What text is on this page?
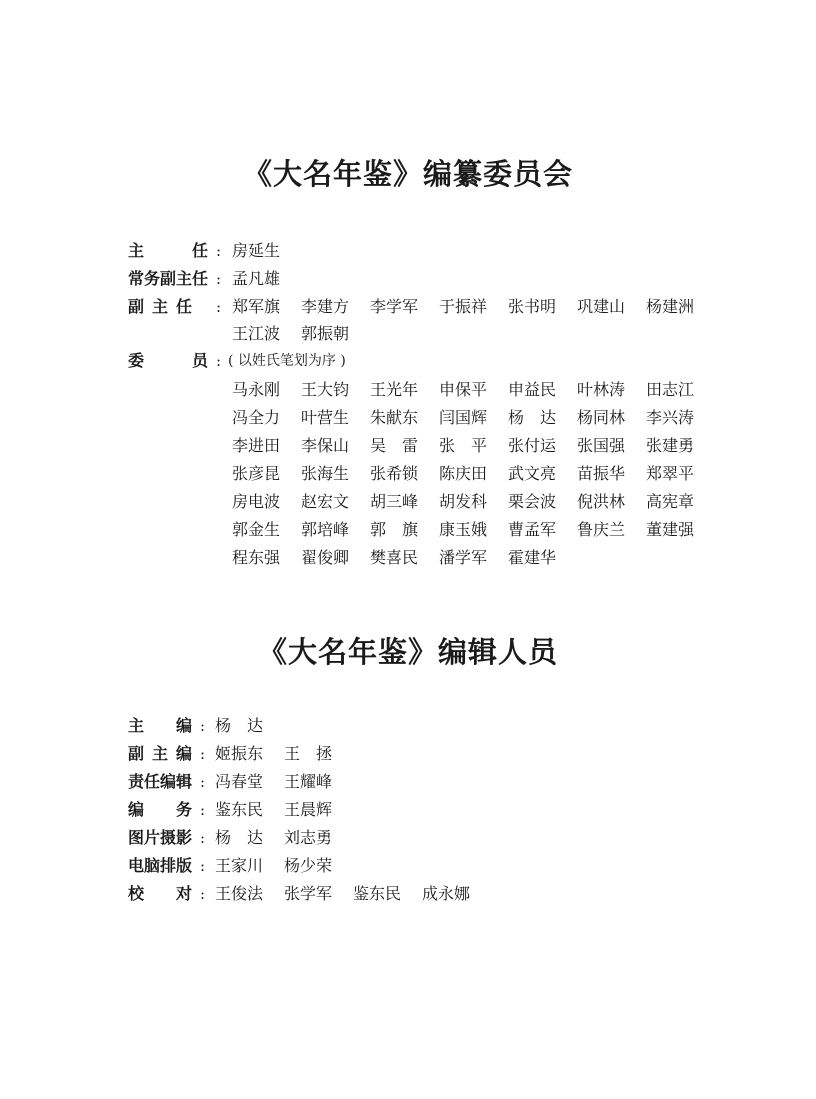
《大名年鉴》编纂委员会
主　　　任 : 房延生
常务副主任 : 孟凡雄
副 主 任 : 郑军旗 李建方 李学军 于振祥 张书明 巩建山 杨建洲
王江波 郭振朝
委　　　员 : ( 以姓氏笔划为序 )
马永刚 王大钧 王光年 申保平 申益民 叶林涛 田志江
冯全力 叶营生 朱献东 闫国辉 杨　达 杨同林 李兴涛
李进田 李保山 吴　雷 张　平 张付运 张国强 张建勇
张彦昆 张海生 张希锁 陈庆田 武文亮 苗振华 郑翠平
房电波 赵宏文 胡三峰 胡发科 栗会波 倪洪林 高宪章
郭金生 郭培峰 郭　旗 康玉娥 曹孟军 鲁庆兰 董建强
程东强 翟俊卿 樊喜民 潘学军 霍建华
《大名年鉴》编辑人员
主　　编 : 杨　达
副 主 编 : 姬振东 王　拯
责任编辑 : 冯春堂 王耀峰
编　　务 : 鉴东民 王晨辉
图片摄影 : 杨　达 刘志勇
电脑排版 : 王家川 杨少荣
校　　对 : 王俊法 张学军 鉴东民 成永娜
